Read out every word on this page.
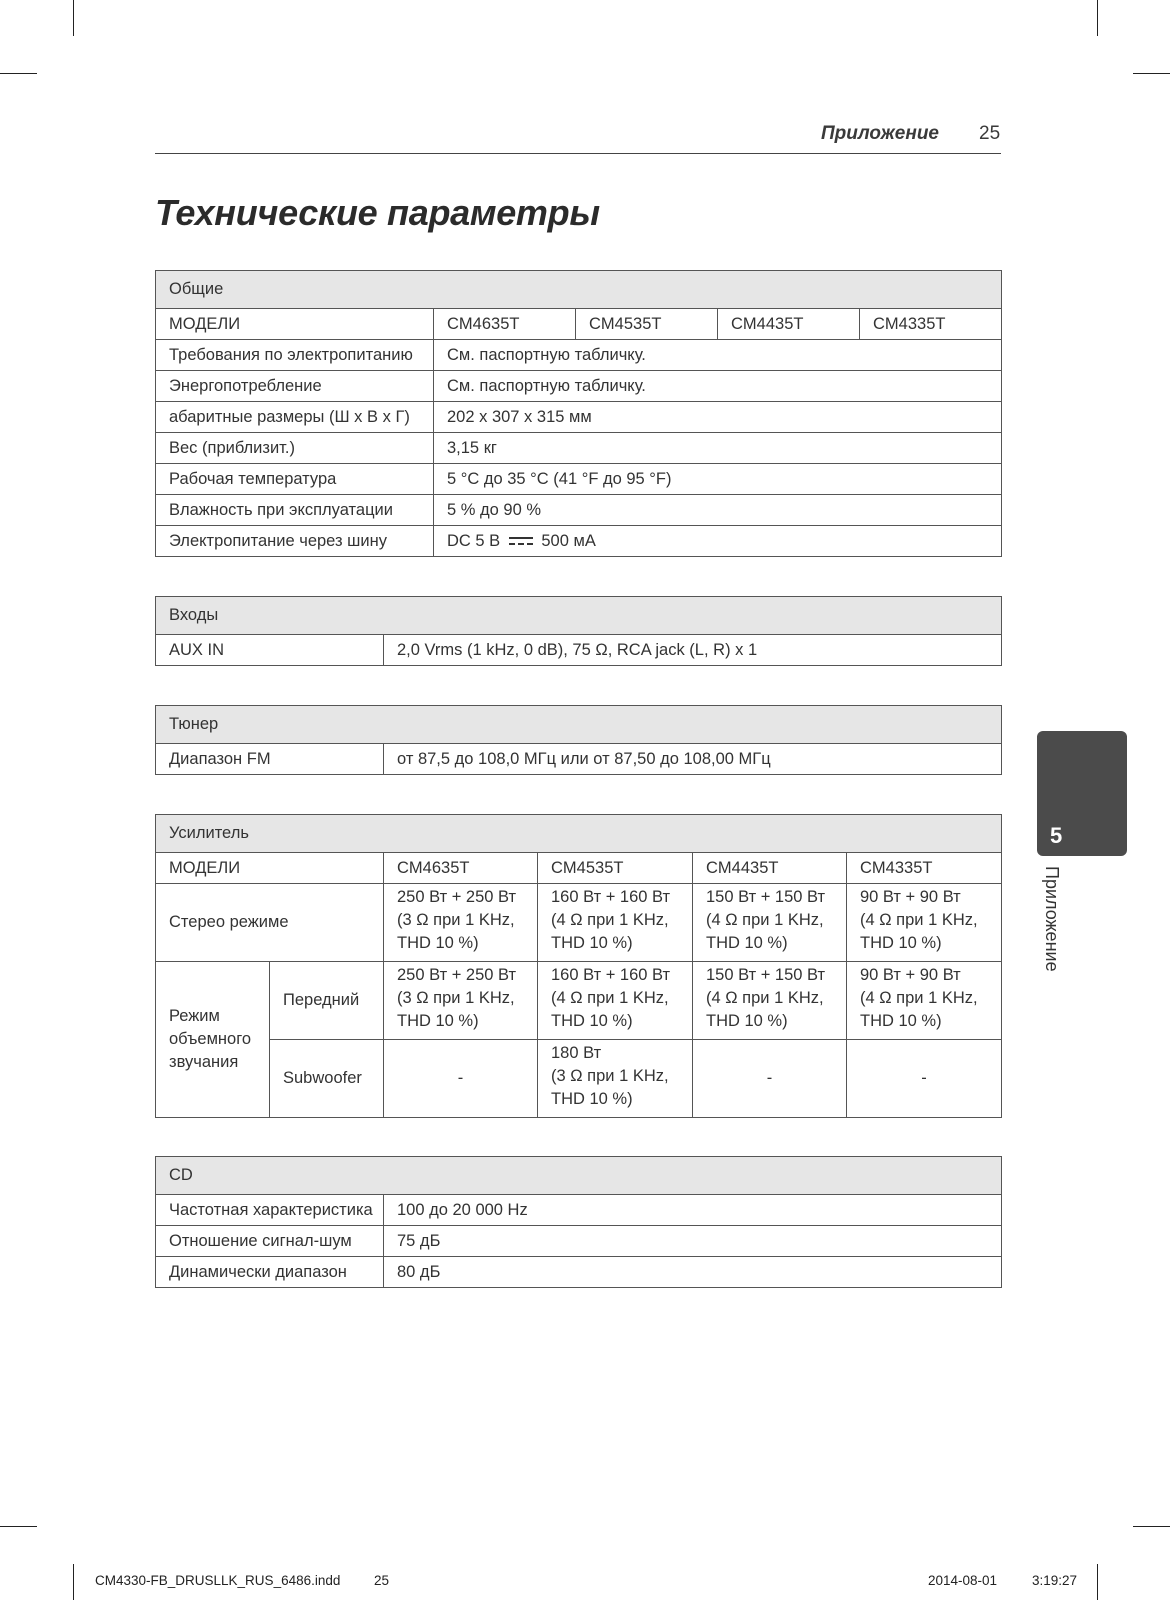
Приложение 25
Технические параметры
Общие				
МОДЕЛИ	CM4635T	CM4535T	CM4435T	CM4335T
Требования по электропитанию	См. паспортную табличку.			
Энергопотребление	См. паспортную табличку.			
абаритные размеры (Ш x В x Г)	202 x 307 x 315 мм			
Вес (приблизит.)	3,15 кг			
Рабочая температура	5 °C до 35 °C (41 °F до 95 °F)			
Влажность при эксплуатации	5 % до 90 %			
Электропитание через шину	DC 5 В 500 мА			
Входы
AUX IN	2,0 Vrms (1 kHz, 0 dB), 75 Ω, RCA jack (L, R) x 1
Тюнер
Диапазон FM	от 87,5 до 108,0 МГц или от 87,50 до 108,00 МГц
Усилитель					
МОДЕЛИ		CM4635T	CM4535T	CM4435T	CM4335T
Стерео режиме		250 Вт + 250 Вт
(3 Ω при 1 KHz,
THD 10 %)	160 Вт + 160 Вт
(4 Ω при 1 KHz,
THD 10 %)	150 Вт + 150 Вт
(4 Ω при 1 KHz,
THD 10 %)	90 Вт + 90 Вт
(4 Ω при 1 KHz,
THD 10 %)
Режим
объемного
звучания	Передний	250 Вт + 250 Вт
(3 Ω при 1 KHz,
THD 10 %)	160 Вт + 160 Вт
(4 Ω при 1 KHz,
THD 10 %)	150 Вт + 150 Вт
(4 Ω при 1 KHz,
THD 10 %)	90 Вт + 90 Вт
(4 Ω при 1 KHz,
THD 10 %)
	Subwoofer	-	180 Вт
(3 Ω при 1 KHz,
THD 10 %)	-	-
CD	
Частотная характеристика	100 до 20 000 Hz
Отношение сигнал-шум	75 дБ
Динамически диапазон	80 дБ
5
Приложение
CM4330-FB_DRUSLLK_RUS_6486.indd 25	2014-08-01	3:19:27
